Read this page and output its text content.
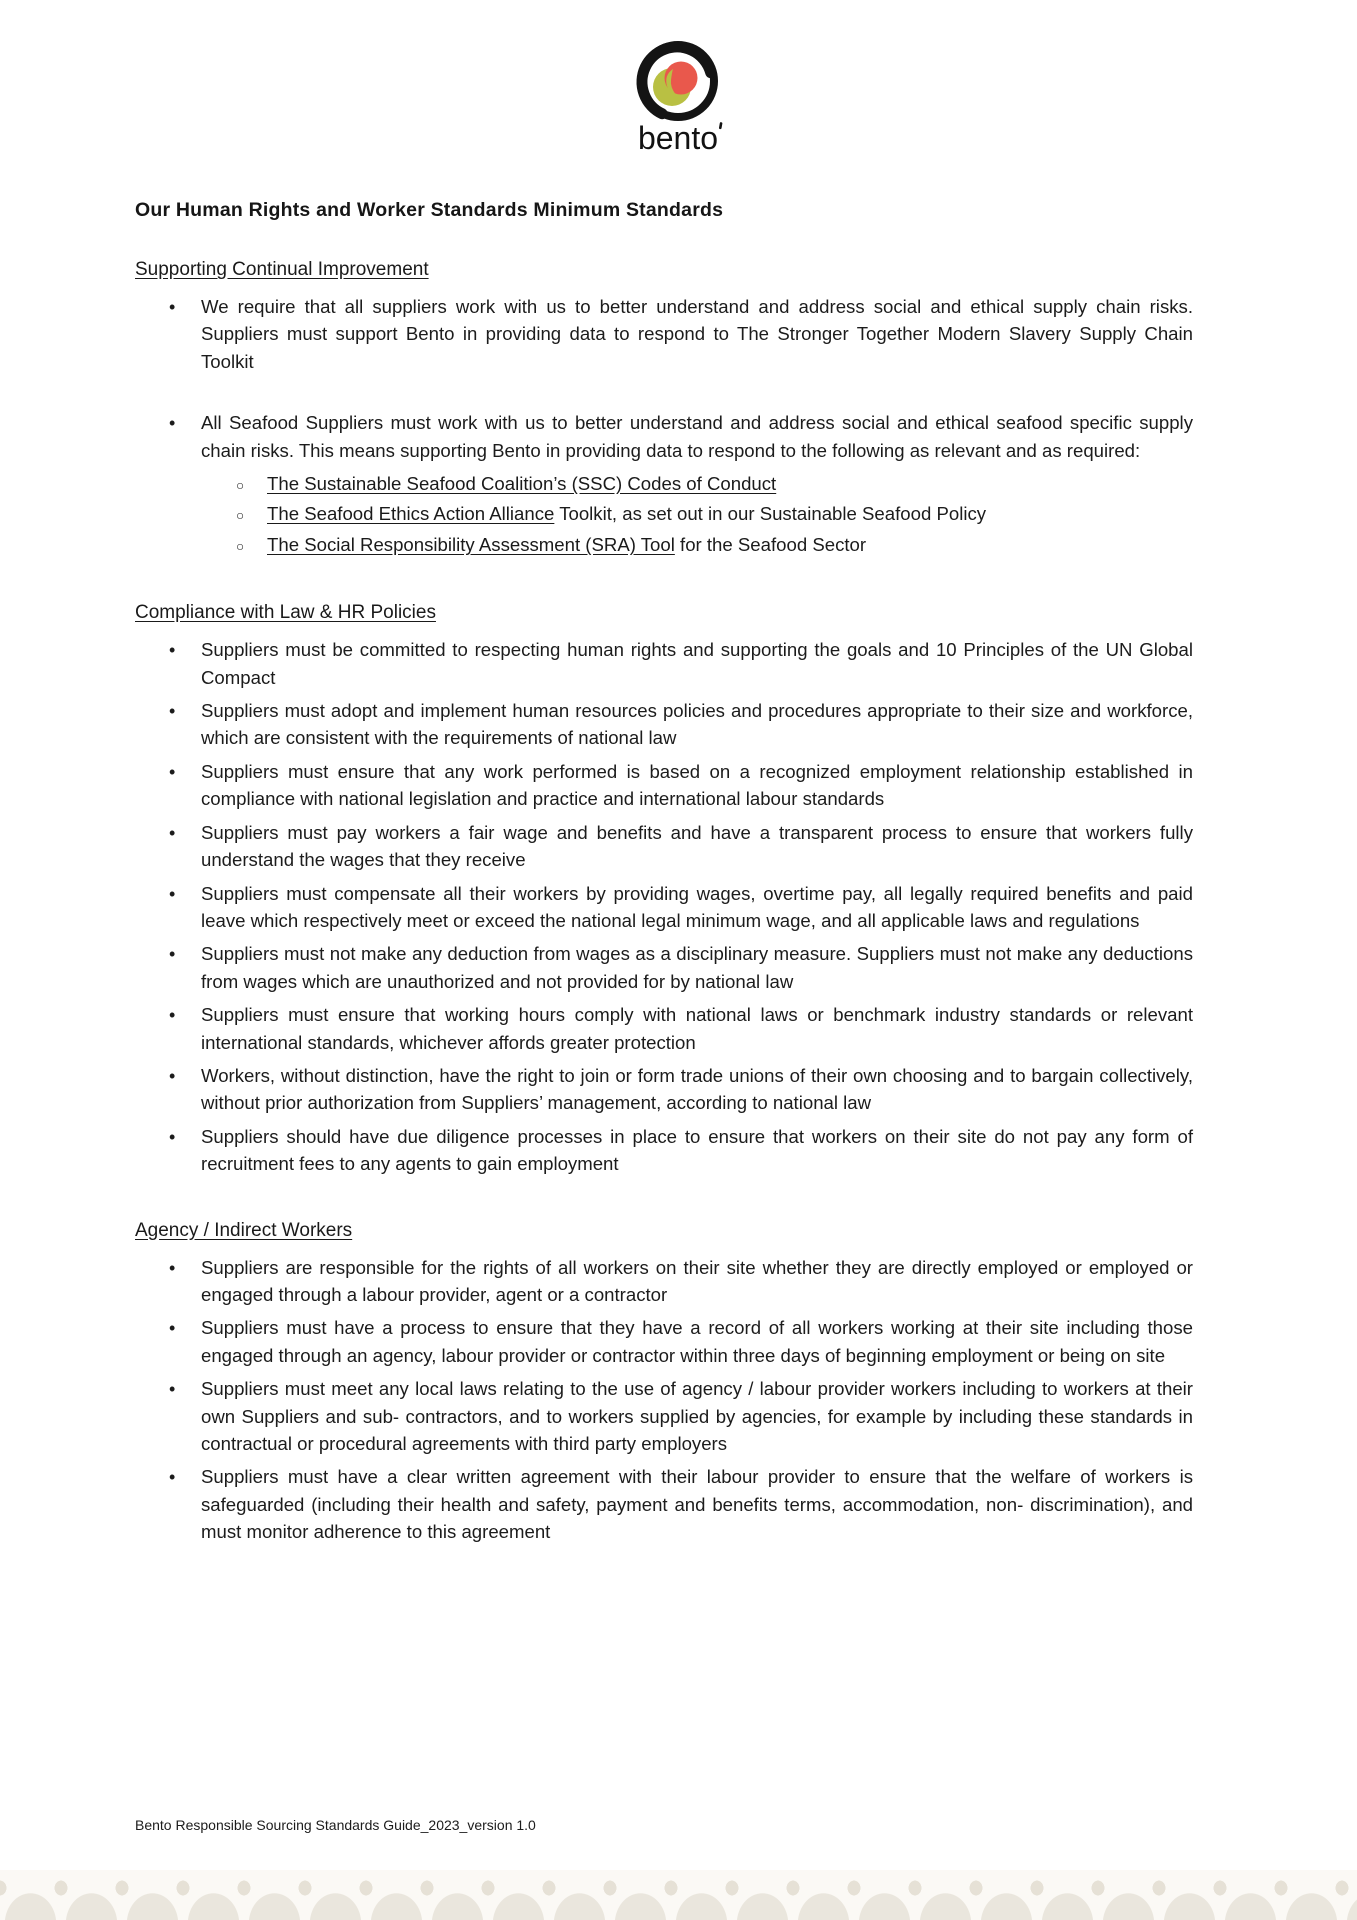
bento
Our Human Rights and Worker Standards Minimum Standards
Supporting Continual Improvement
•
We require that all suppliers work with us to better understand and address social and ethical supply chain risks. Suppliers must support Bento in providing data to respond to The Stronger Together Modern Slavery Supply Chain Toolkit
•
All Seafood Suppliers must work with us to better understand and address social and ethical seafood specific supply chain risks. This means supporting Bento in providing data to respond to the following as relevant and as required:
○
The Sustainable Seafood Coalition’s (SSC) Codes of Conduct
○
The Seafood Ethics Action Alliance Toolkit, as set out in our Sustainable Seafood Policy
○
The Social Responsibility Assessment (SRA) Tool for the Seafood Sector
Compliance with Law & HR Policies
•
Suppliers must be committed to respecting human rights and supporting the goals and 10 Principles of the UN Global Compact
•
Suppliers must adopt and implement human resources policies and procedures appropriate to their size and workforce, which are consistent with the requirements of national law
•
Suppliers must ensure that any work performed is based on a recognized employment relationship established in compliance with national legislation and practice and international labour standards
•
Suppliers must pay workers a fair wage and benefits and have a transparent process to ensure that workers fully understand the wages that they receive
•
Suppliers must compensate all their workers by providing wages, overtime pay, all legally required benefits and paid leave which respectively meet or exceed the national legal minimum wage, and all applicable laws and regulations
•
Suppliers must not make any deduction from wages as a disciplinary measure. Suppliers must not make any deductions from wages which are unauthorized and not provided for by national law
•
Suppliers must ensure that working hours comply with national laws or benchmark industry standards or relevant international standards, whichever affords greater protection
•
Workers, without distinction, have the right to join or form trade unions of their own choosing and to bargain collectively, without prior authorization from Suppliers’ management, according to national law
•
Suppliers should have due diligence processes in place to ensure that workers on their site do not pay any form of recruitment fees to any agents to gain employment
Agency / Indirect Workers
•
Suppliers are responsible for the rights of all workers on their site whether they are directly employed or employed or engaged through a labour provider, agent or a contractor
•
Suppliers must have a process to ensure that they have a record of all workers working at their site including those engaged through an agency, labour provider or contractor within three days of beginning employment or being on site
•
Suppliers must meet any local laws relating to the use of agency / labour provider workers including to workers at their own Suppliers and sub- contractors, and to workers supplied by agencies, for example by including these standards in contractual or procedural agreements with third party employers
•
Suppliers must have a clear written agreement with their labour provider to ensure that the welfare of workers is safeguarded (including their health and safety, payment and benefits terms, accommodation, non- discrimination), and must monitor adherence to this agreement
Bento Responsible Sourcing Standards Guide_2023_version 1.0
